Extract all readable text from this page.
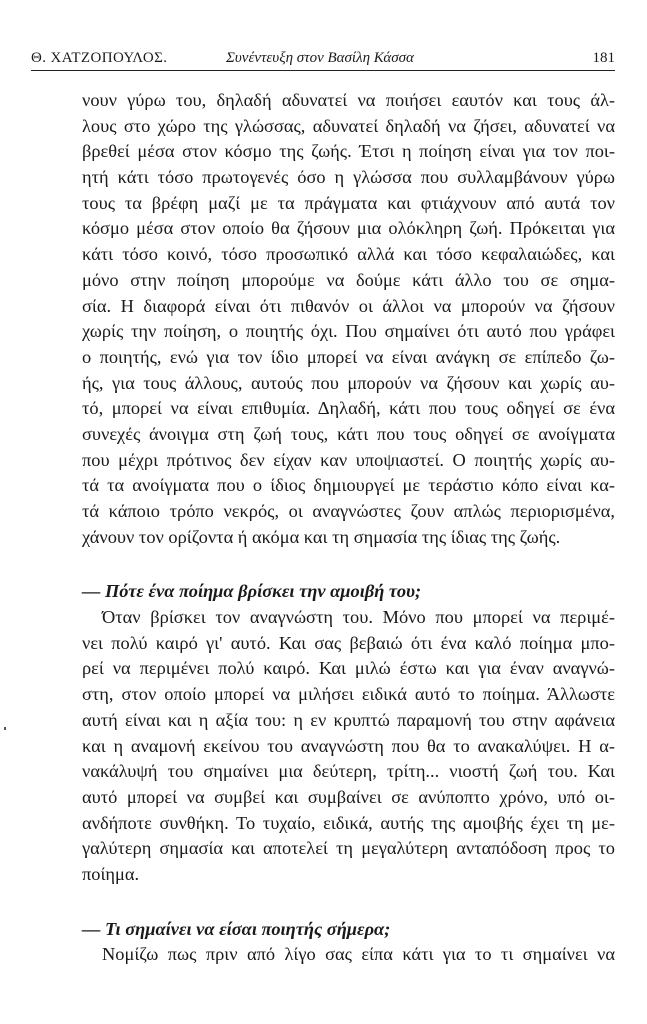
Θ. ΧΑΤΖΟΠΟΥΛΟΣ.	Συνέντευξη στον Βασίλη Κάσσα	181
νουν γύρω του, δηλαδή αδυνατεί να ποιήσει εαυτόν και τους άλ-
λους στο χώρο της γλώσσας, αδυνατεί δηλαδή να ζήσει, αδυνατεί να
βρεθεί μέσα στον κόσμο της ζωής. Έτσι η ποίηση είναι για τον ποι-
ητή κάτι τόσο πρωτογενές όσο η γλώσσα που συλλαμβάνουν γύρω
τους τα βρέφη μαζί με τα πράγματα και φτιάχνουν από αυτά τον
κόσμο μέσα στον οποίο θα ζήσουν μια ολόκληρη ζωή. Πρόκειται για
κάτι τόσο κοινό, τόσο προσωπικό αλλά και τόσο κεφαλαιώδες, και
μόνο στην ποίηση μπορούμε να δούμε κάτι άλλο του σε σημα-
σία. Η διαφορά είναι ότι πιθανόν οι άλλοι να μπορούν να ζήσουν
χωρίς την ποίηση, ο ποιητής όχι. Που σημαίνει ότι αυτό που γράφει
ο ποιητής, ενώ για τον ίδιο μπορεί να είναι ανάγκη σε επίπεδο ζω-
ής, για τους άλλους, αυτούς που μπορούν να ζήσουν και χωρίς αυ-
τό, μπορεί να είναι επιθυμία. Δηλαδή, κάτι που τους οδηγεί σε ένα
συνεχές άνοιγμα στη ζωή τους, κάτι που τους οδηγεί σε ανοίγματα
που μέχρι πρότινος δεν είχαν καν υποψιαστεί. Ο ποιητής χωρίς αυ-
τά τα ανοίγματα που ο ίδιος δημιουργεί με τεράστιο κόπο είναι κα-
τά κάποιο τρόπο νεκρός, οι αναγνώστες ζουν απλώς περιορισμένα,
χάνουν τον ορίζοντα ή ακόμα και τη σημασία της ίδιας της ζωής.
— Πότε ένα ποίημα βρίσκει την αμοιβή του;
Όταν βρίσκει τον αναγνώστη του. Μόνο που μπορεί να περιμέ-
νει πολύ καιρό γι' αυτό. Και σας βεβαιώ ότι ένα καλό ποίημα μπο-
ρεί να περιμένει πολύ καιρό. Και μιλώ έστω και για έναν αναγνώ-
στη, στον οποίο μπορεί να μιλήσει ειδικά αυτό το ποίημα. Άλλωστε
αυτή είναι και η αξία του: η εν κρυπτώ παραμονή του στην αφάνεια
και η αναμονή εκείνου του αναγνώστη που θα το ανακαλύψει. Η α-
νακάλυψή του σημαίνει μια δεύτερη, τρίτη... νιοστή ζωή του. Και
αυτό μπορεί να συμβεί και συμβαίνει σε ανύποπτο χρόνο, υπό οι-
ανδήποτε συνθήκη. Το τυχαίο, ειδικά, αυτής της αμοιβής έχει τη με-
γαλύτερη σημασία και αποτελεί τη μεγαλύτερη ανταπόδοση προς το
ποίημα.
— Τι σημαίνει να είσαι ποιητής σήμερα;
Νομίζω πως πριν από λίγο σας είπα κάτι για το τι σημαίνει να
